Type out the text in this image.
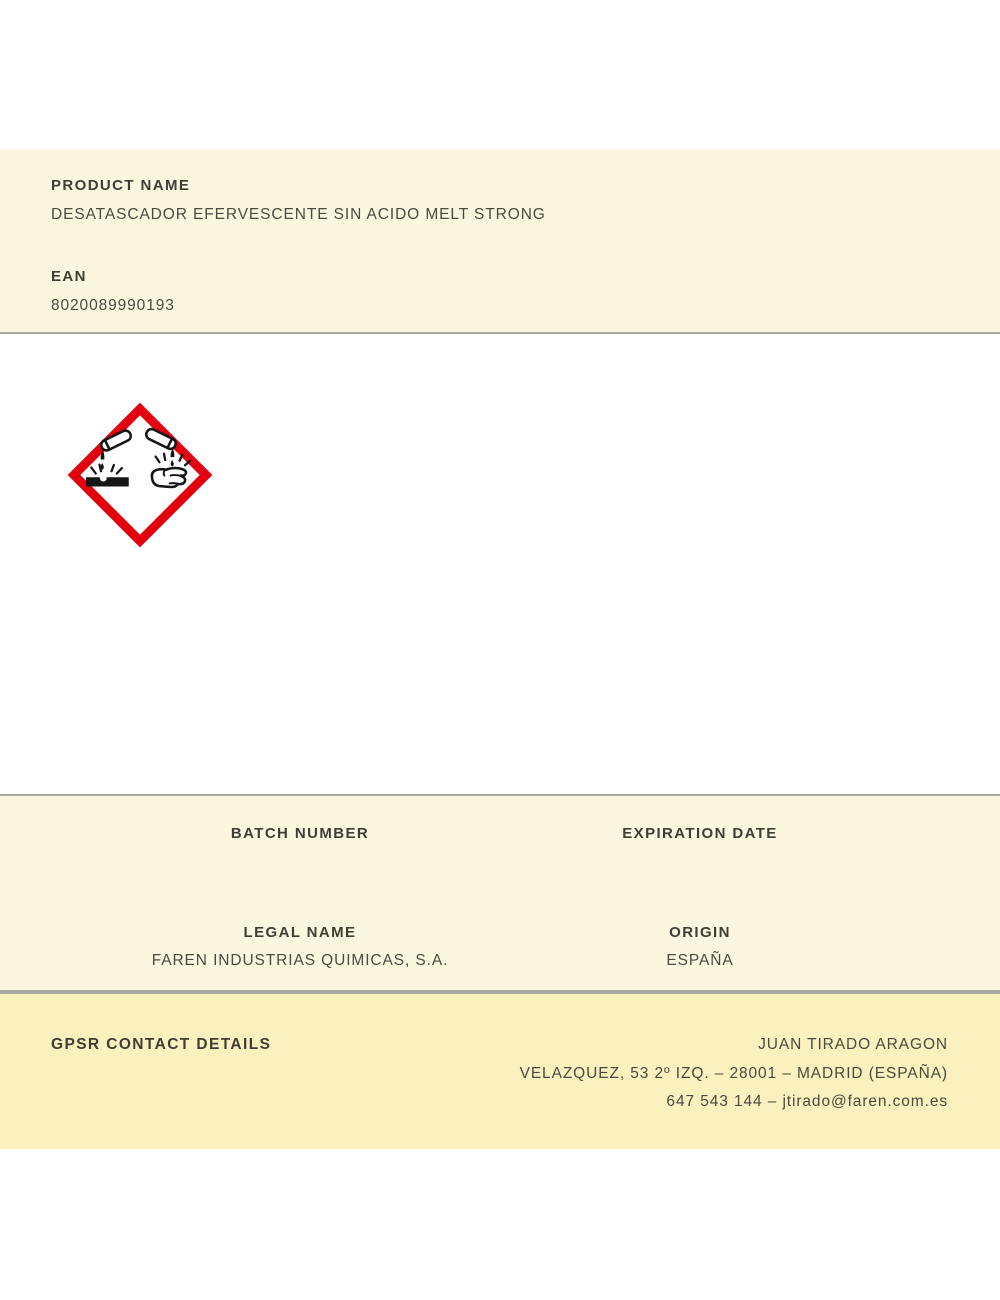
PRODUCT NAME
DESATASCADOR EFERVESCENTE SIN ACIDO MELT STRONG
EAN
8020089990193
BATCH NUMBER	EXPIRATION DATE
LEGAL NAME
FAREN INDUSTRIAS QUIMICAS, S.A.
ORIGIN
ESPAÑA
GPSR CONTACT DETAILS	JUAN TIRADO ARAGON
VELAZQUEZ, 53 2º IZQ. – 28001 – MADRID (ESPAÑA)
647 543 144 – jtirado@faren.com.es
